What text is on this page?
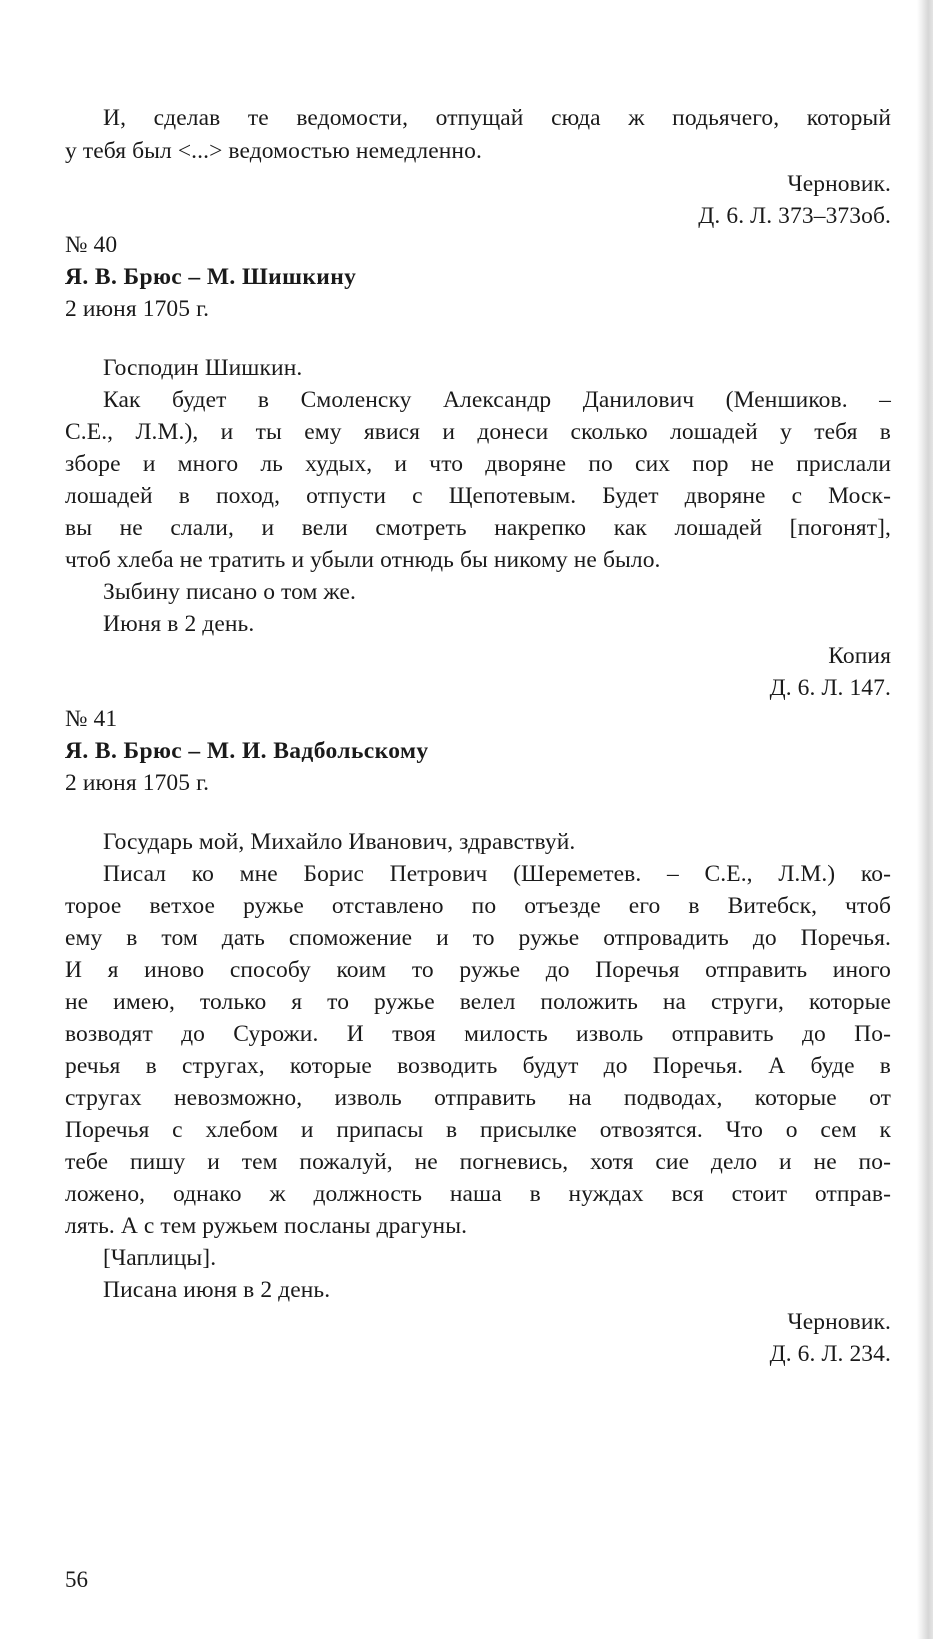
И, сделав те ведомости, отпущай сюда ж подьячего, который
у тебя был <...> ведомостью немедленно.
Черновик.
Д. 6. Л. 373–373об.
№ 40
Я. В. Брюс – М. Шишкину
2 июня 1705 г.
Господин Шишкин.
Как будет в Смоленску Александр Данилович (Меншиков. –
С.Е., Л.М.), и ты ему явися и донеси сколько лошадей у тебя в
зборе и много ль худых, и что дворяне по сих пор не прислали
лошадей в поход, отпусти с Щепотевым. Будет дворяне с Моск-
вы не слали, и вели смотреть накрепко как лошадей [погонят],
чтоб хлеба не тратить и убыли отнюдь бы никому не было.
Зыбину писано о том же.
Июня в 2 день.
Копия
Д. 6. Л. 147.
№ 41
Я. В. Брюс – М. И. Вадбольскому
2 июня 1705 г.
Государь мой, Михайло Иванович, здравствуй.
Писал ко мне Борис Петрович (Шереметев. – С.Е., Л.М.) ко-
торое ветхое ружье отставлено по отъезде его в Витебск, чтоб
ему в том дать споможение и то ружье отпровадить до Поречья.
И я иново способу коим то ружье до Поречья отправить иного
не имею, только я то ружье велел положить на струги, которые
возводят до Сурожи. И твоя милость изволь отправить до По-
речья в стругах, которые возводить будут до Поречья. А буде в
стругах невозможно, изволь отправить на подводах, которые от
Поречья с хлебом и припасы в присылке отвозятся. Что о сем к
тебе пишу и тем пожалуй, не погневись, хотя сие дело и не по-
ложено, однако ж должность наша в нуждах вся стоит отправ-
лять. А с тем ружьем посланы драгуны.
[Чаплицы].
Писана июня в 2 день.
Черновик.
Д. 6. Л. 234.
56
